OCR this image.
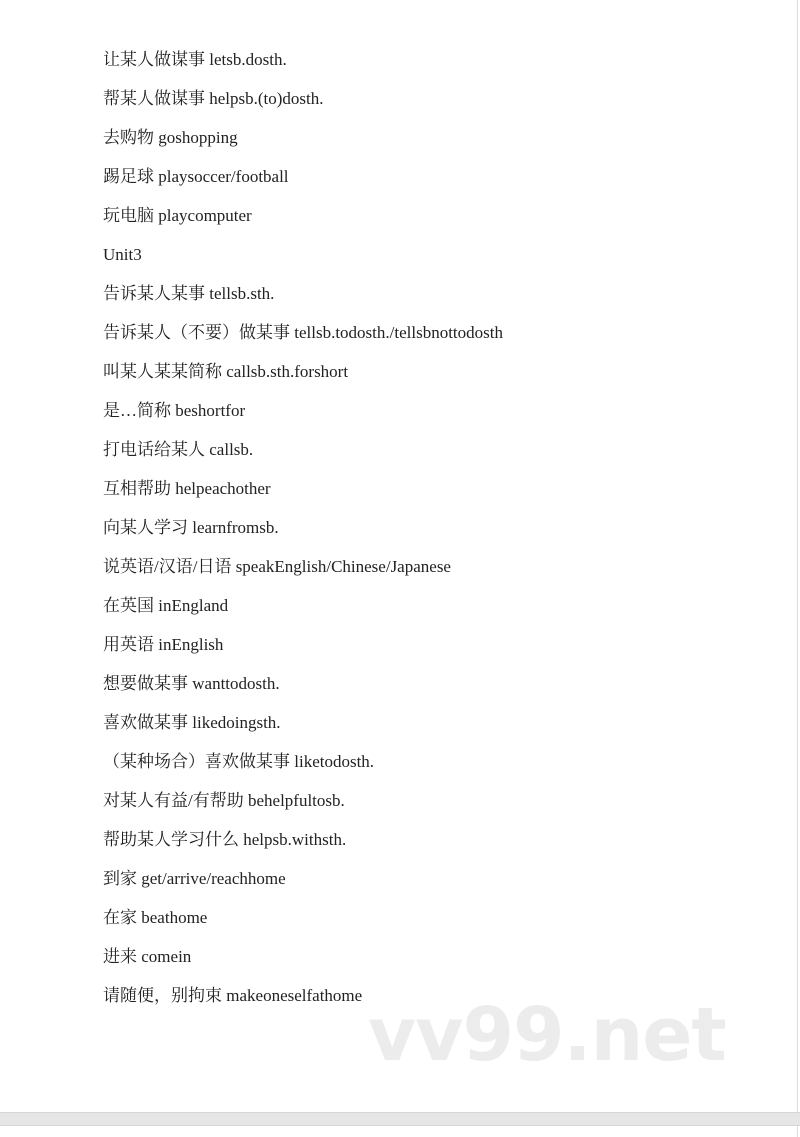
让某人做谋事 letsb.dosth.
帮某人做谋事 helpsb.(to)dosth.
去购物 goshopping
踢足球 playsoccer/football
玩电脑 playcomputer
Unit3
告诉某人某事 tellsb.sth.
告诉某人（不要）做某事 tellsb.todosth./tellsbnottodosth
叫某人某某简称 callsb.sth.forshort
是…简称 beshortfor
打电话给某人 callsb.
互相帮助 helpeachother
向某人学习 learnfromsb.
说英语/汉语/日语 speakEnglish/Chinese/Japanese
在英国 inEngland
用英语 inEnglish
想要做某事 wanttodosth.
喜欢做某事 likedoingsth.
（某种场合）喜欢做某事 liketodosth.
对某人有益/有帮助 behelpfultosb.
帮助某人学习什么 helpsb.withsth.
到家 get/arrive/reachhome
在家 beathome
进来 comein
请随便，别拘束 makeoneselfathome vv99.net
